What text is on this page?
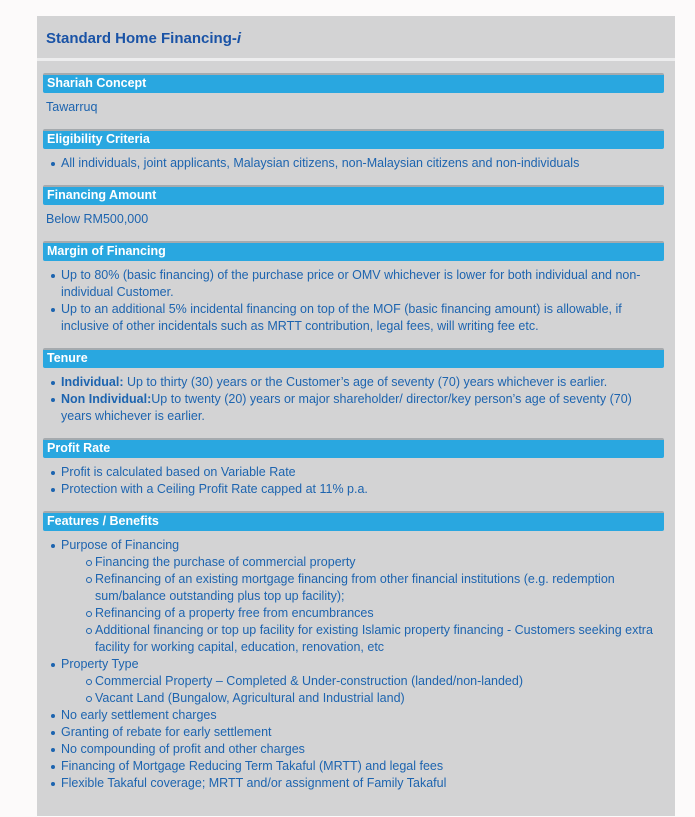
Standard Home Financing-i
Shariah Concept

Tawarruq

Eligibility Criteria
All individuals, joint applicants, Malaysian citizens, non-Malaysian citizens and non-individuals
Financing Amount

Below RM500,000

Margin of Financing
Up to 80% (basic financing) of the purchase price or OMV whichever is lower for both individual and non-individual Customer.
Up to an additional 5% incidental financing on top of the MOF (basic financing amount) is allowable, if inclusive of other incidentals such as MRTT contribution, legal fees, will writing fee etc.
Tenure
Individual: Up to thirty (30) years or the Customer’s age of seventy (70) years whichever is earlier.
Non Individual:Up to twenty (20) years or major shareholder/ director/key person’s age of seventy (70) years whichever is earlier.
Profit Rate
Profit is calculated based on Variable Rate
Protection with a Ceiling Profit Rate capped at 11% p.a.
Features / Benefits
Purpose of Financing
Financing the purchase of commercial property
Refinancing of an existing mortgage financing from other financial institutions (e.g. redemption sum/balance outstanding plus top up facility);
Refinancing of a property free from encumbrances
Additional financing or top up facility for existing Islamic property financing - Customers seeking extra facility for working capital, education, renovation, etc
Property Type
Commercial Property – Completed & Under-construction (landed/non-landed)
Vacant Land (Bungalow, Agricultural and Industrial land)
No early settlement charges
Granting of rebate for early settlement
No compounding of profit and other charges
Financing of Mortgage Reducing Term Takaful (MRTT) and legal fees
Flexible Takaful coverage; MRTT and/or assignment of Family Takaful
